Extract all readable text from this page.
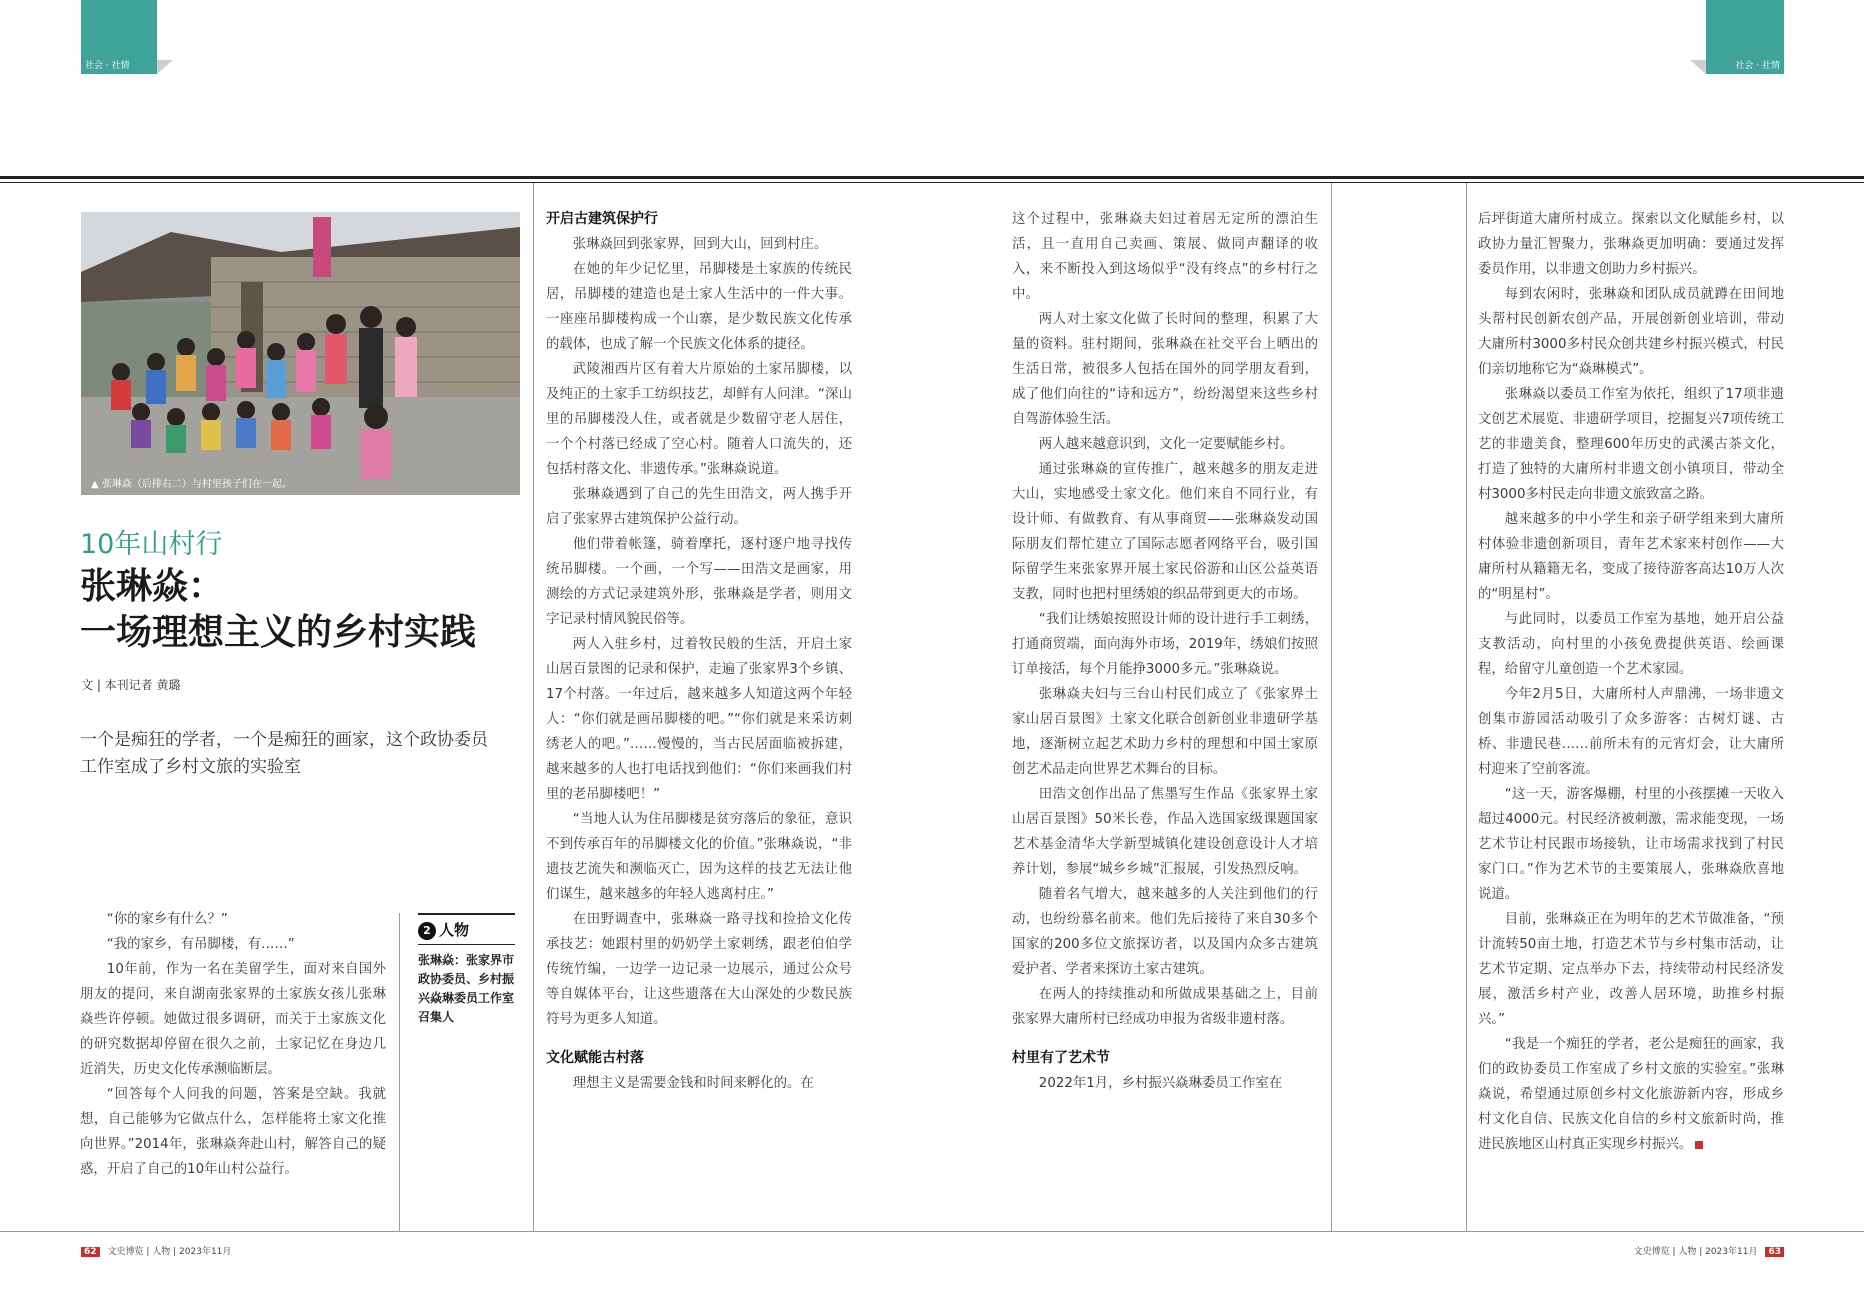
社会 · 社情	社会 · 社情
▲ 张琳焱（后排右二）与村里孩子们在一起。
10年山村行
张琳焱：
一场理想主义的乡村实践
文 | 本刊记者 黄璐
一个是痴狂的学者，一个是痴狂的画家，这个政协委员工作室成了乡村文旅的实验室

“你的家乡有什么？”

“我的家乡，有吊脚楼，有……”

10年前，作为一名在美留学生，面对来自国外朋友的提问，来自湖南张家界的土家族女孩儿张琳焱些许停顿。她做过很多调研，而关于土家族文化的研究数据却停留在很久之前，土家记忆在身边几近消失，历史文化传承濒临断层。

“回答每个人问我的问题，答案是空缺。我就想，自己能够为它做点什么，怎样能将土家文化推向世界。”2014年，张琳焱奔赴山村，解答自己的疑惑，开启了自己的10年山村公益行。

2 人物
张琳焱：张家界市政协委员、乡村振兴焱琳委员工作室召集人
开启古建筑保护行

张琳焱回到张家界，回到大山，回到村庄。

在她的年少记忆里，吊脚楼是土家族的传统民居，吊脚楼的建造也是土家人生活中的一件大事。一座座吊脚楼构成一个山寨，是少数民族文化传承的载体，也成了解一个民族文化体系的捷径。

武陵湘西片区有着大片原始的土家吊脚楼，以及纯正的土家手工纺织技艺，却鲜有人问津。“深山里的吊脚楼没人住，或者就是少数留守老人居住，一个个村落已经成了空心村。随着人口流失的，还包括村落文化、非遗传承。”张琳焱说道。

张琳焱遇到了自己的先生田浩文，两人携手开启了张家界古建筑保护公益行动。

他们带着帐篷，骑着摩托，逐村逐户地寻找传统吊脚楼。一个画，一个写——田浩文是画家，用测绘的方式记录建筑外形，张琳焱是学者，则用文字记录村情风貌民俗等。

两人入驻乡村，过着牧民般的生活，开启土家山居百景图的记录和保护，走遍了张家界3个乡镇、17个村落。一年过后，越来越多人知道这两个年轻人：“你们就是画吊脚楼的吧。”“你们就是来采访刺绣老人的吧。”……慢慢的，当古民居面临被拆建，越来越多的人也打电话找到他们：“你们来画我们村里的老吊脚楼吧！”

“当地人认为住吊脚楼是贫穷落后的象征，意识不到传承百年的吊脚楼文化的价值。”张琳焱说，“非遗技艺流失和濒临灭亡，因为这样的技艺无法让他们谋生，越来越多的年轻人逃离村庄。”

在田野调查中，张琳焱一路寻找和捡拾文化传承技艺：她跟村里的奶奶学土家刺绣，跟老伯伯学传统竹编，一边学一边记录一边展示，通过公众号等自媒体平台，让这些遗落在大山深处的少数民族符号为更多人知道。

文化赋能古村落

理想主义是需要金钱和时间来孵化的。在

这个过程中，张琳焱夫妇过着居无定所的漂泊生活，且一直用自己卖画、策展、做同声翻译的收入，来不断投入到这场似乎“没有终点”的乡村行之中。

两人对土家文化做了长时间的整理，积累了大量的资料。驻村期间，张琳焱在社交平台上晒出的生活日常，被很多人包括在国外的同学朋友看到，成了他们向往的“诗和远方”，纷纷渴望来这些乡村自驾游体验生活。

两人越来越意识到，文化一定要赋能乡村。

通过张琳焱的宣传推广，越来越多的朋友走进大山，实地感受土家文化。他们来自不同行业，有设计师、有做教育、有从事商贸——张琳焱发动国际朋友们帮忙建立了国际志愿者网络平台，吸引国际留学生来张家界开展土家民俗游和山区公益英语支教，同时也把村里绣娘的织品带到更大的市场。

“我们让绣娘按照设计师的设计进行手工刺绣，打通商贸端，面向海外市场，2019年，绣娘们按照订单接活，每个月能挣3000多元。”张琳焱说。

张琳焱夫妇与三台山村民们成立了《张家界土家山居百景图》土家文化联合创新创业非遗研学基地，逐渐树立起艺术助力乡村的理想和中国土家原创艺术品走向世界艺术舞台的目标。

田浩文创作出品了焦墨写生作品《张家界土家山居百景图》50米长卷，作品入选国家级课题国家艺术基金清华大学新型城镇化建设创意设计人才培养计划，参展“城乡乡城”汇报展，引发热烈反响。

随着名气增大，越来越多的人关注到他们的行动，也纷纷慕名前来。他们先后接待了来自30多个国家的200多位文旅探访者，以及国内众多古建筑爱护者、学者来探访土家古建筑。

在两人的持续推动和所做成果基础之上，目前张家界大庸所村已经成功申报为省级非遗村落。

村里有了艺术节

2022年1月，乡村振兴焱琳委员工作室在

后坪街道大庸所村成立。探索以文化赋能乡村，以政协力量汇智聚力，张琳焱更加明确：要通过发挥委员作用，以非遗文创助力乡村振兴。

每到农闲时，张琳焱和团队成员就蹲在田间地头帮村民创新农创产品，开展创新创业培训，带动大庸所村3000多村民众创共建乡村振兴模式，村民们亲切地称它为“焱琳模式”。

张琳焱以委员工作室为依托，组织了17项非遗文创艺术展览、非遗研学项目，挖掘复兴7项传统工艺的非遗美食，整理600年历史的武溪古茶文化，打造了独特的大庸所村非遗文创小镇项目，带动全村3000多村民走向非遗文旅致富之路。

越来越多的中小学生和亲子研学组来到大庸所村体验非遗创新项目，青年艺术家来村创作——大庸所村从籍籍无名，变成了接待游客高达10万人次的“明星村”。

与此同时，以委员工作室为基地，她开启公益支教活动，向村里的小孩免费提供英语、绘画课程，给留守儿童创造一个艺术家园。

今年2月5日，大庸所村人声鼎沸，一场非遗文创集市游园活动吸引了众多游客：古树灯谜、古桥、非遗民巷……前所未有的元宵灯会，让大庸所村迎来了空前客流。

“这一天，游客爆棚，村里的小孩摆摊一天收入超过4000元。村民经济被刺激，需求能变现，一场艺术节让村民跟市场接轨，让市场需求找到了村民家门口。”作为艺术节的主要策展人，张琳焱欣喜地说道。

目前，张琳焱正在为明年的艺术节做准备，“预计流转50亩土地，打造艺术节与乡村集市活动，让艺术节定期、定点举办下去，持续带动村民经济发展，激活乡村产业，改善人居环境，助推乡村振兴。”

“我是一个痴狂的学者，老公是痴狂的画家，我们的政协委员工作室成了乡村文旅的实验室。”张琳焱说，希望通过原创乡村文化旅游新内容，形成乡村文化自信、民族文化自信的乡村文旅新时尚，推进民族地区山村真正实现乡村振兴。

62 文史博览 | 人物 | 2023年11月	文史博览 | 人物 | 2023年11月 63
